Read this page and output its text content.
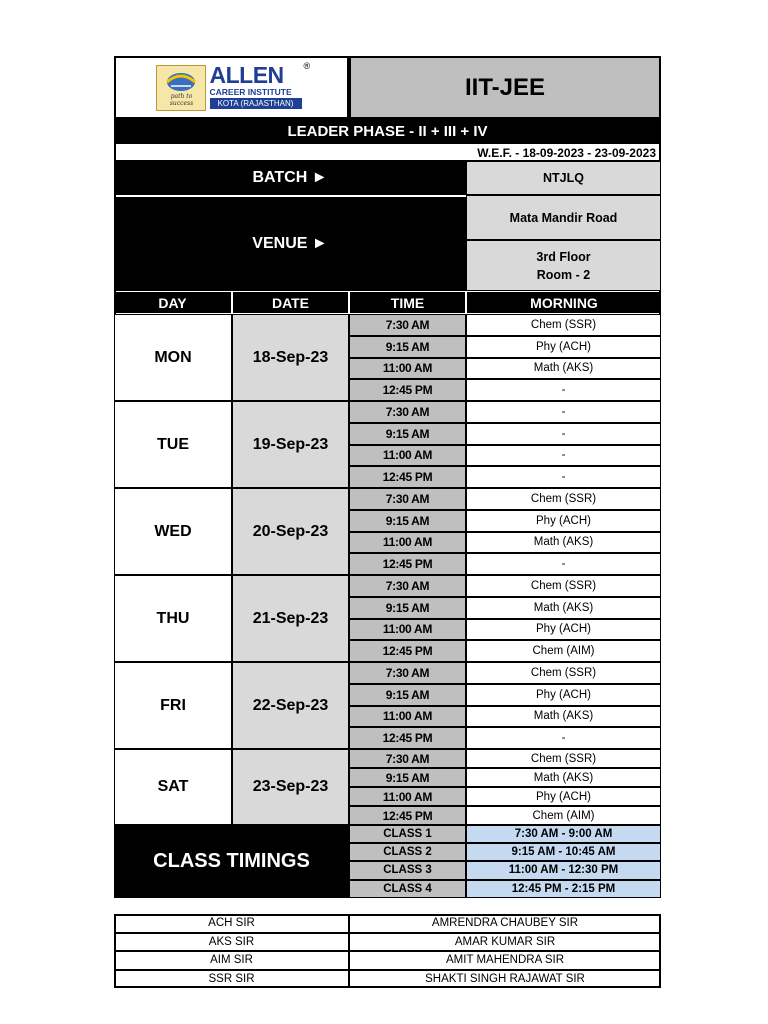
path to success
ALLEN ®
CAREER INSTITUTE
KOTA (RAJASTHAN)
IIT-JEE
LEADER PHASE - II + III + IV
W.E.F. - 18-09-2023 - 23-09-2023
BATCH ►	NTJLQ
VENUE ►
Mata Mandir Road
3rd Floor
Room - 2
DAY	DATE	TIME	MORNING
MON	18-Sep-23
7:30 AM	Chem (SSR)
9:15 AM	Phy (ACH)
11:00 AM	Math (AKS)
12:45 PM	-
TUE	19-Sep-23
7:30 AM	-
9:15 AM	-
11:00 AM	-
12:45 PM	-
WED	20-Sep-23
7:30 AM	Chem (SSR)
9:15 AM	Phy (ACH)
11:00 AM	Math (AKS)
12:45 PM	-
THU	21-Sep-23
7:30 AM	Chem (SSR)
9:15 AM	Math (AKS)
11:00 AM	Phy (ACH)
12:45 PM	Chem (AIM)
FRI	22-Sep-23
7:30 AM	Chem (SSR)
9:15 AM	Phy (ACH)
11:00 AM	Math (AKS)
12:45 PM	-
SAT	23-Sep-23
7:30 AM	Chem (SSR)
9:15 AM	Math (AKS)
11:00 AM	Phy (ACH)
12:45 PM	Chem (AIM)
CLASS TIMINGS
CLASS 1	7:30 AM - 9:00 AM
CLASS 2	9:15 AM - 10:45 AM
CLASS 3	11:00 AM - 12:30 PM
CLASS 4	12:45 PM - 2:15 PM
ACH SIR	AMRENDRA CHAUBEY SIR
AKS SIR	AMAR KUMAR SIR
AIM SIR	AMIT MAHENDRA SIR
SSR SIR	SHAKTI SINGH RAJAWAT SIR
